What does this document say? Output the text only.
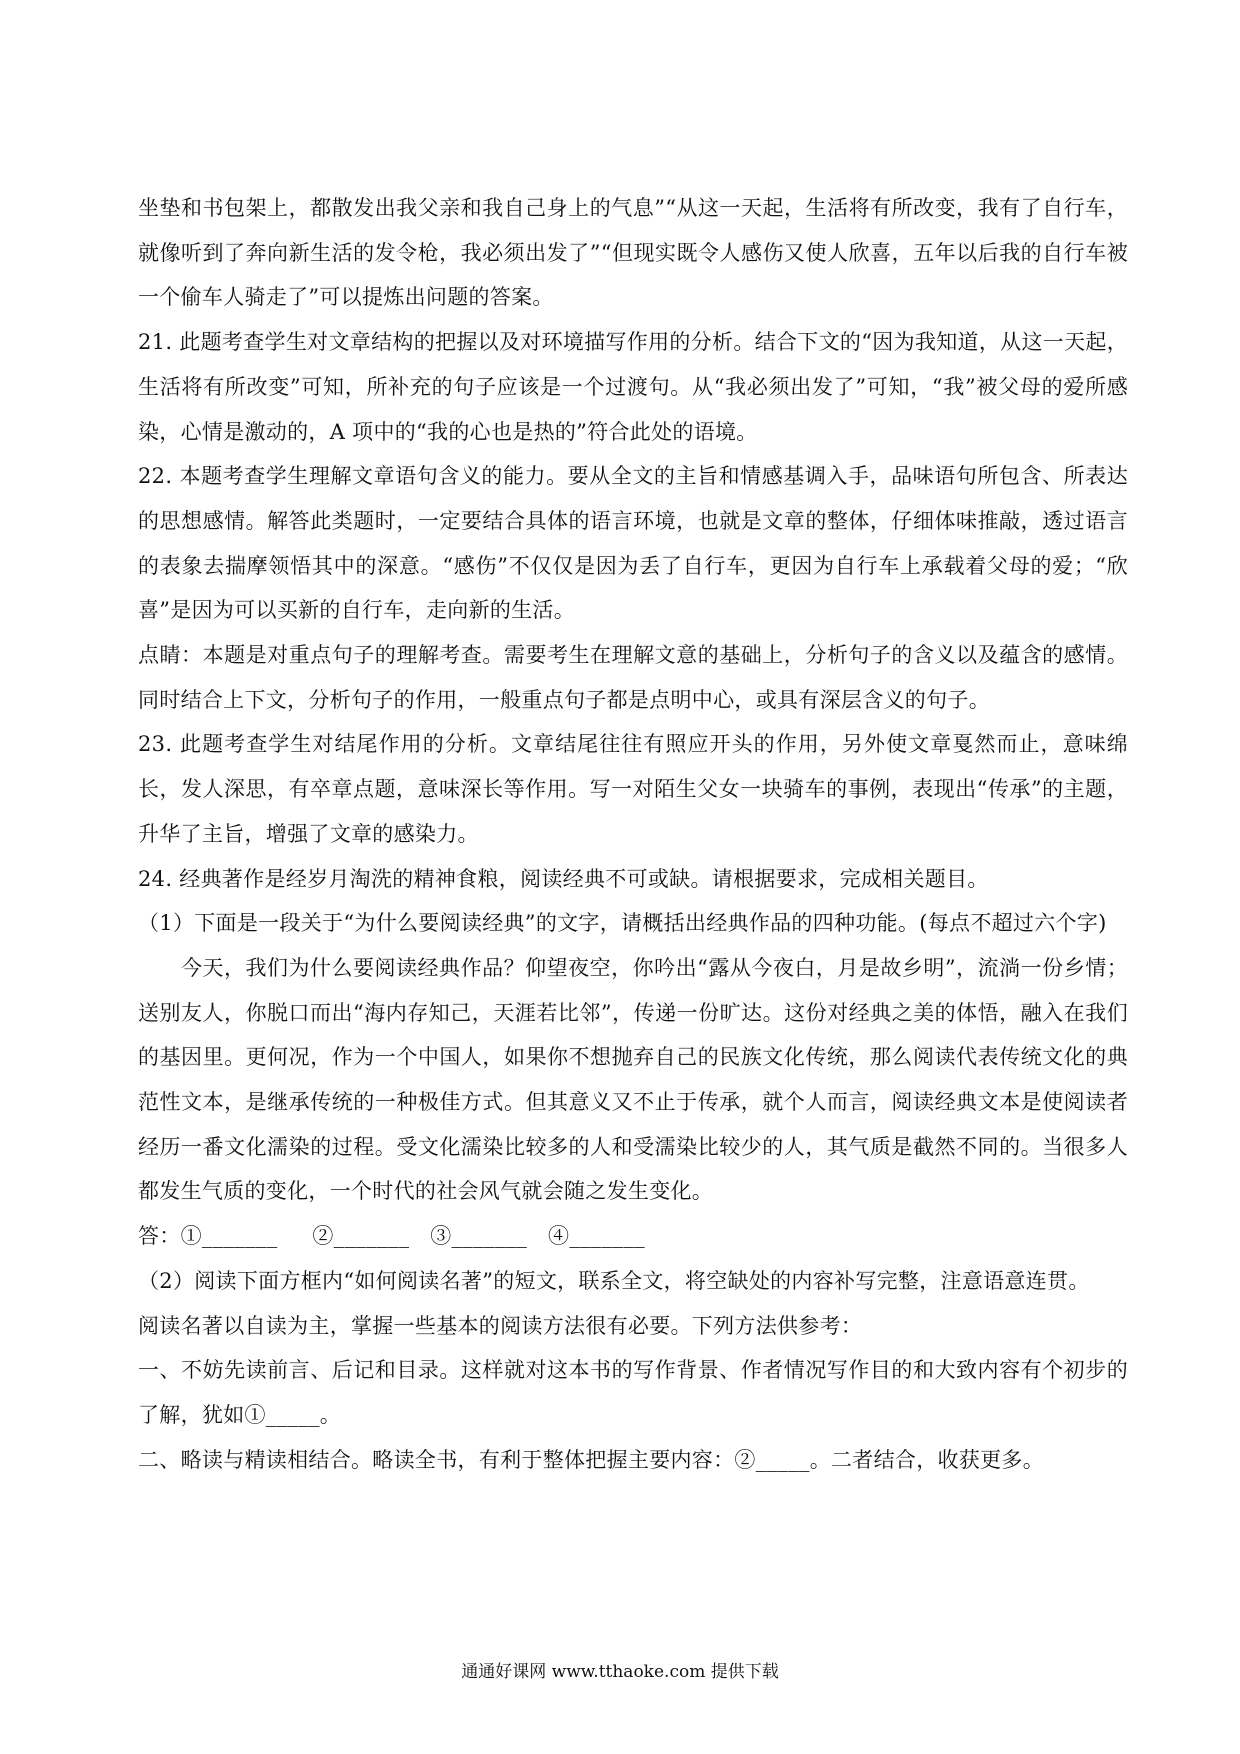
坐垫和书包架上，都散发出我父亲和我自己身上的气息”“从这一天起，生活将有所改变，我有了自行车，就像听到了奔向新生活的发令枪，我必须出发了”“但现实既令人感伤又使人欣喜，五年以后我的自行车被一个偷车人骑走了”可以提炼出问题的答案。

21. 此题考查学生对文章结构的把握以及对环境描写作用的分析。结合下文的“因为我知道，从这一天起，生活将有所改变”可知，所补充的句子应该是一个过渡句。从“我必须出发了”可知，“我”被父母的爱所感染，心情是激动的，A 项中的“我的心也是热的”符合此处的语境。

22. 本题考查学生理解文章语句含义的能力。要从全文的主旨和情感基调入手，品味语句所包含、所表达的思想感情。解答此类题时，一定要结合具体的语言环境，也就是文章的整体，仔细体味推敲，透过语言的表象去揣摩领悟其中的深意。“感伤”不仅仅是因为丢了自行车，更因为自行车上承载着父母的爱；“欣喜”是因为可以买新的自行车，走向新的生活。

点睛：本题是对重点句子的理解考查。需要考生在理解文意的基础上，分析句子的含义以及蕴含的感情。同时结合上下文，分析句子的作用，一般重点句子都是点明中心，或具有深层含义的句子。

23. 此题考查学生对结尾作用的分析。文章结尾往往有照应开头的作用，另外使文章戛然而止，意味绵长，发人深思，有卒章点题，意味深长等作用。写一对陌生父女一块骑车的事例，表现出“传承”的主题，升华了主旨，增强了文章的感染力。

24. 经典著作是经岁月淘洗的精神食粮，阅读经典不可或缺。请根据要求，完成相关题目。

（1）下面是一段关于“为什么要阅读经典”的文字，请概括出经典作品的四种功能。(每点不超过六个字)

今天，我们为什么要阅读经典作品？仰望夜空，你吟出“露从今夜白，月是故乡明”，流淌一份乡情；送别友人，你脱口而出“海内存知己，天涯若比邻”，传递一份旷达。这份对经典之美的体悟，融入在我们的基因里。更何况，作为一个中国人，如果你不想抛弃自己的民族文化传统，那么阅读代表传统文化的典范性文本，是继承传统的一种极佳方式。但其意义又不止于传承，就个人而言，阅读经典文本是使阅读者经历一番文化濡染的过程。受文化濡染比较多的人和受濡染比较少的人，其气质是截然不同的。当很多人都发生气质的变化，一个时代的社会风气就会随之发生变化。

答：①_______     ②_______   ③_______   ④_______

（2）阅读下面方框内“如何阅读名著”的短文，联系全文，将空缺处的内容补写完整，注意语意连贯。

阅读名著以自读为主，掌握一些基本的阅读方法很有必要。下列方法供参考：

一、不妨先读前言、后记和目录。这样就对这本书的写作背景、作者情况写作目的和大致内容有个初步的了解，犹如①_____。

二、略读与精读相结合。略读全书，有利于整体把握主要内容：②_____。二者结合，收获更多。

通通好课网 www.tthaoke.com 提供下载
